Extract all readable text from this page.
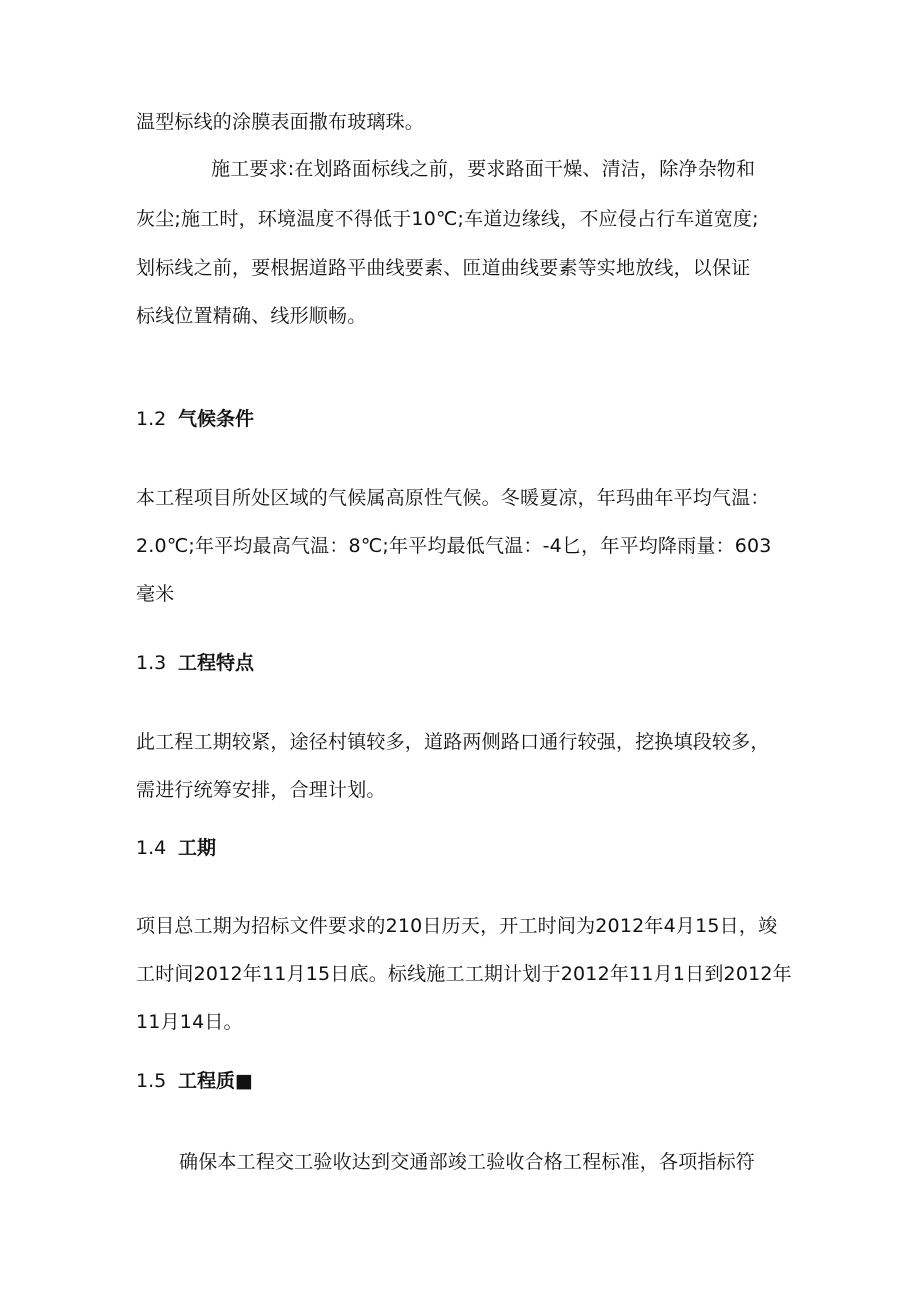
温型标线的涂膜表面撒布玻璃珠。
施工要求:在划路面标线之前，要求路面干燥、清洁，除净杂物和
灰尘;施工时，环境温度不得低于10℃;车道边缘线，不应侵占行车道宽度;
划标线之前，要根据道路平曲线要素、匝道曲线要素等实地放线，以保证
标线位置精确、线形顺畅。
1.2 气候条件
本工程项目所处区域的气候属高原性气候。冬暖夏凉，年玛曲年平均气温：
2.0℃;年平均最高气温：8℃;年平均最低气温：-4匕，年平均降雨量：603
毫米
1.3 工程特点
此工程工期较紧，途径村镇较多，道路两侧路口通行较强，挖换填段较多，
需进行统筹安排，合理计划。
1.4 工期
项目总工期为招标文件要求的210日历天，开工时间为2012年4月15日，竣
工时间2012年11月15日底。标线施工工期计划于2012年11月1日到2012年
11月14日。
1.5 工程质■
确保本工程交工验收达到交通部竣工验收合格工程标准，各项指标符
